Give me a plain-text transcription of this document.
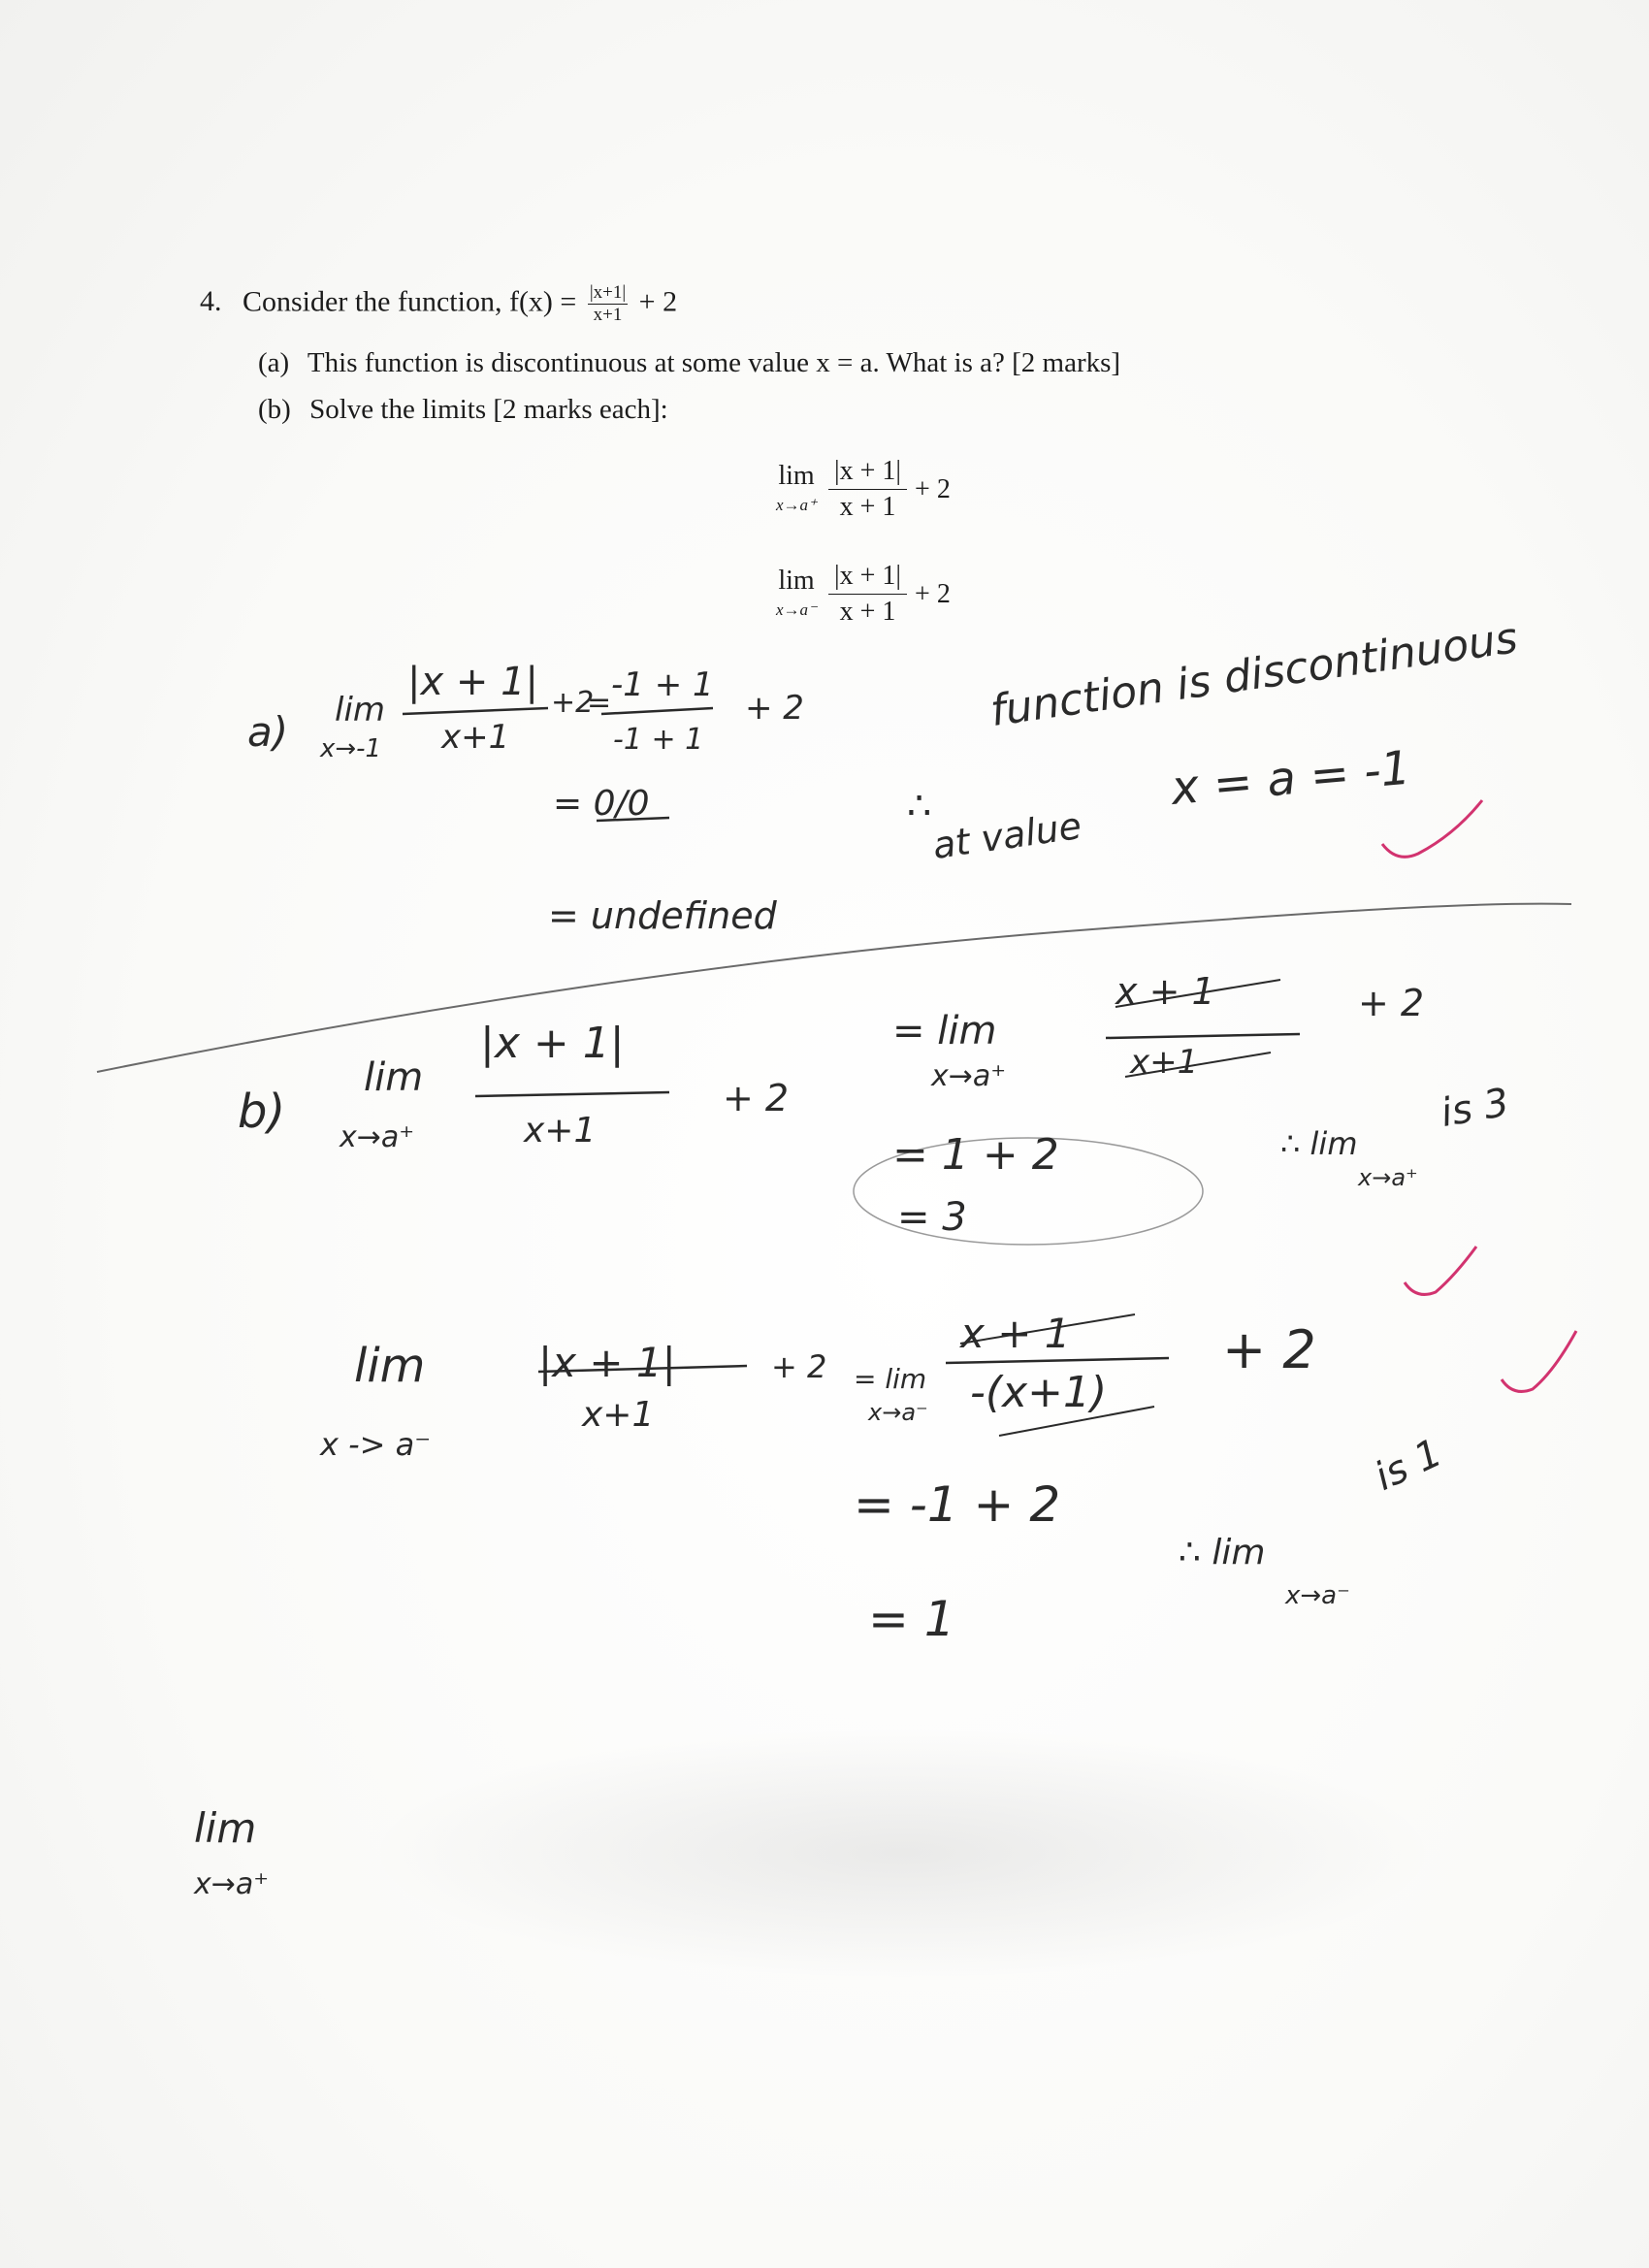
4. Consider the function, $f(x) = \frac{|x+1|}{x+1} + 2$
(a) This function is discontinuous at some value x = a. What is a? [2 marks]
(b) Solve the limits [2 marks each]:
lim
$x\to a^+ \frac{|x + 1|}{x + 1} + 2$
lim
$x\to a^- \frac{|x + 1|}{x + 1} + 2$
a) lim
x→-1
|x + 1|
x+1
+2
= -1 + 1
-1 + 1
+ 2
= 0/0
= undefined
∴
function is discontinuous
at value
x = a = -1
b)
lim
x→a⁺
|x + 1|
x+1
+ 2
= lim
x→a⁺
x + 1
x+1
+ 2
= 1 + 2
= 3
∴ lim
x→a⁺
is 3
lim
x -> a⁻
|x + 1|
x+1
+ 2 = lim
x→a⁻
x + 1
-(x+1)
+ 2
= -1 + 2
= 1
∴ lim
x→a⁻
is 1
lim
x→a⁺
